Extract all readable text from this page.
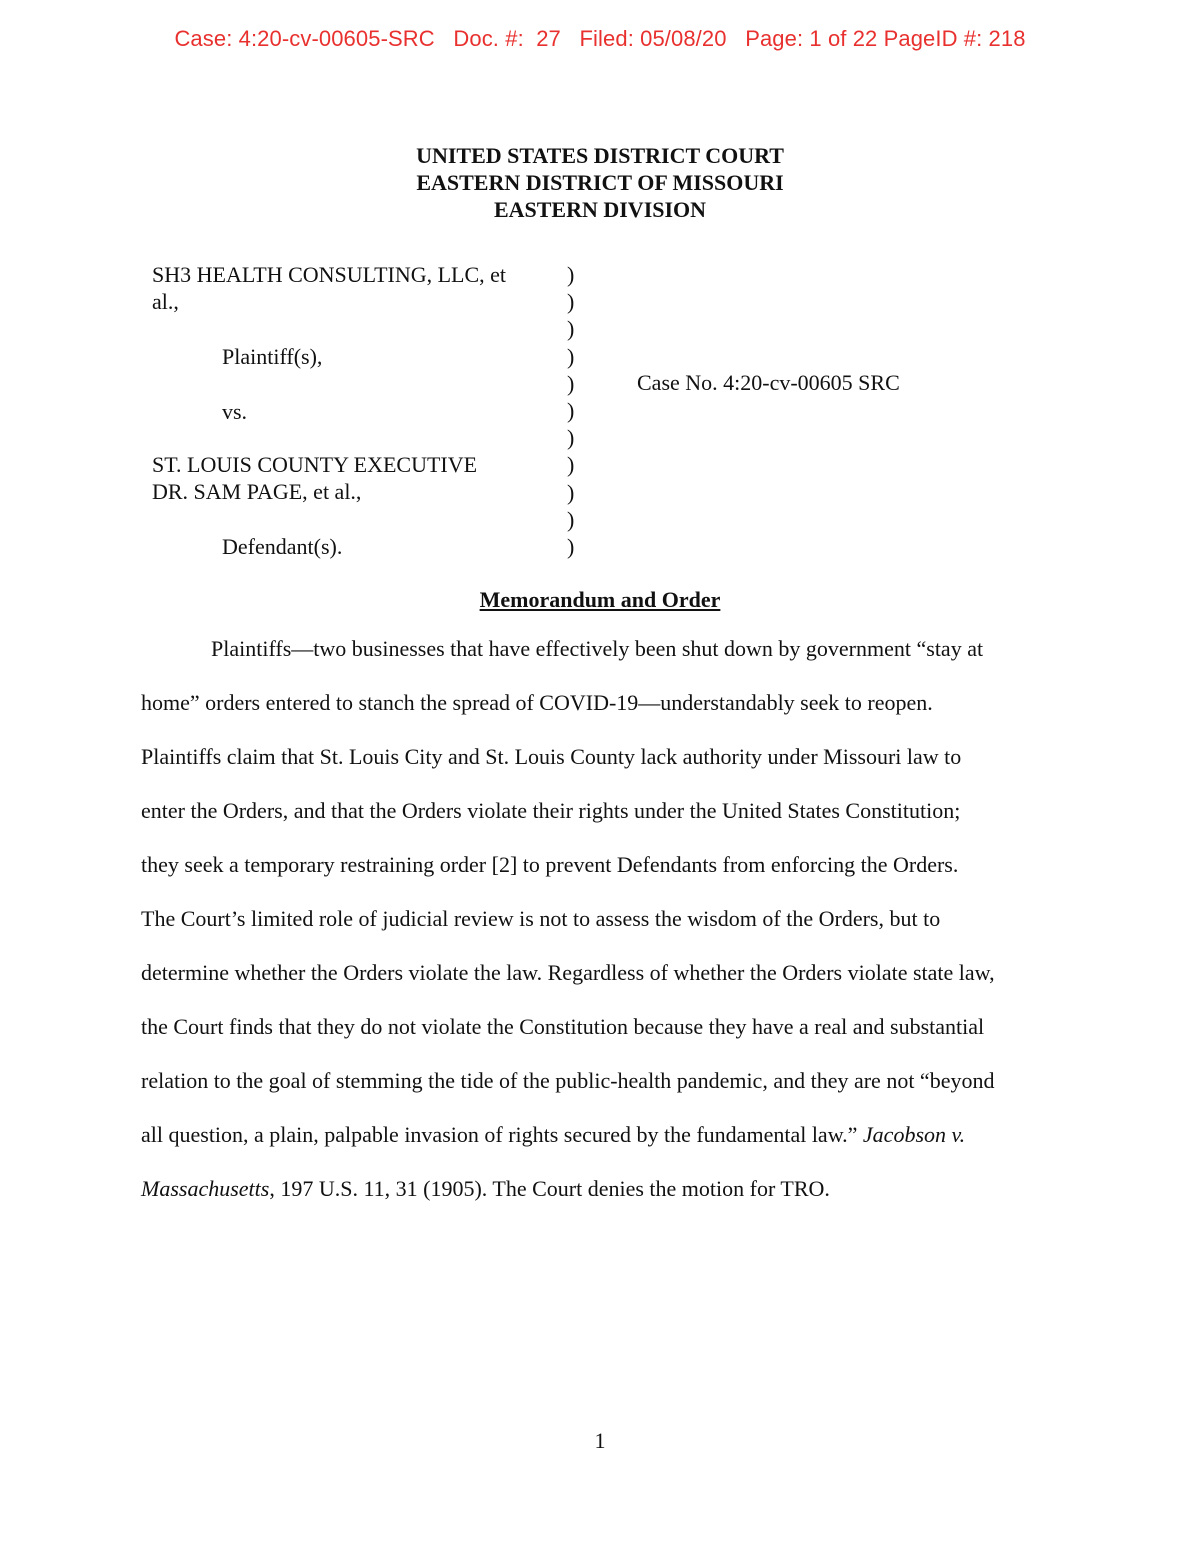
Case: 4:20-cv-00605-SRC   Doc. #:  27   Filed: 05/08/20   Page: 1 of 22 PageID #: 218
UNITED STATES DISTRICT COURT
EASTERN DISTRICT OF MISSOURI
EASTERN DIVISION
SH3 HEALTH CONSULTING, LLC, et
al.,
Plaintiff(s),
vs.
ST. LOUIS COUNTY EXECUTIVE
DR. SAM PAGE, et al.,
Defendant(s).
)
)
)
)
)
)
)
)
)
)
)
Case No. 4:20-cv-00605 SRC
Memorandum and Order
Plaintiffs—two businesses that have effectively been shut down by government “stay at
home” orders entered to stanch the spread of COVID-19—understandably seek to reopen.
Plaintiffs claim that St. Louis City and St. Louis County lack authority under Missouri law to
enter the Orders, and that the Orders violate their rights under the United States Constitution;
they seek a temporary restraining order [2] to prevent Defendants from enforcing the Orders.
The Court’s limited role of judicial review is not to assess the wisdom of the Orders, but to
determine whether the Orders violate the law. Regardless of whether the Orders violate state law,
the Court finds that they do not violate the Constitution because they have a real and substantial
relation to the goal of stemming the tide of the public-health pandemic, and they are not “beyond
all question, a plain, palpable invasion of rights secured by the fundamental law.” Jacobson v.
Massachusetts, 197 U.S. 11, 31 (1905). The Court denies the motion for TRO.
1
